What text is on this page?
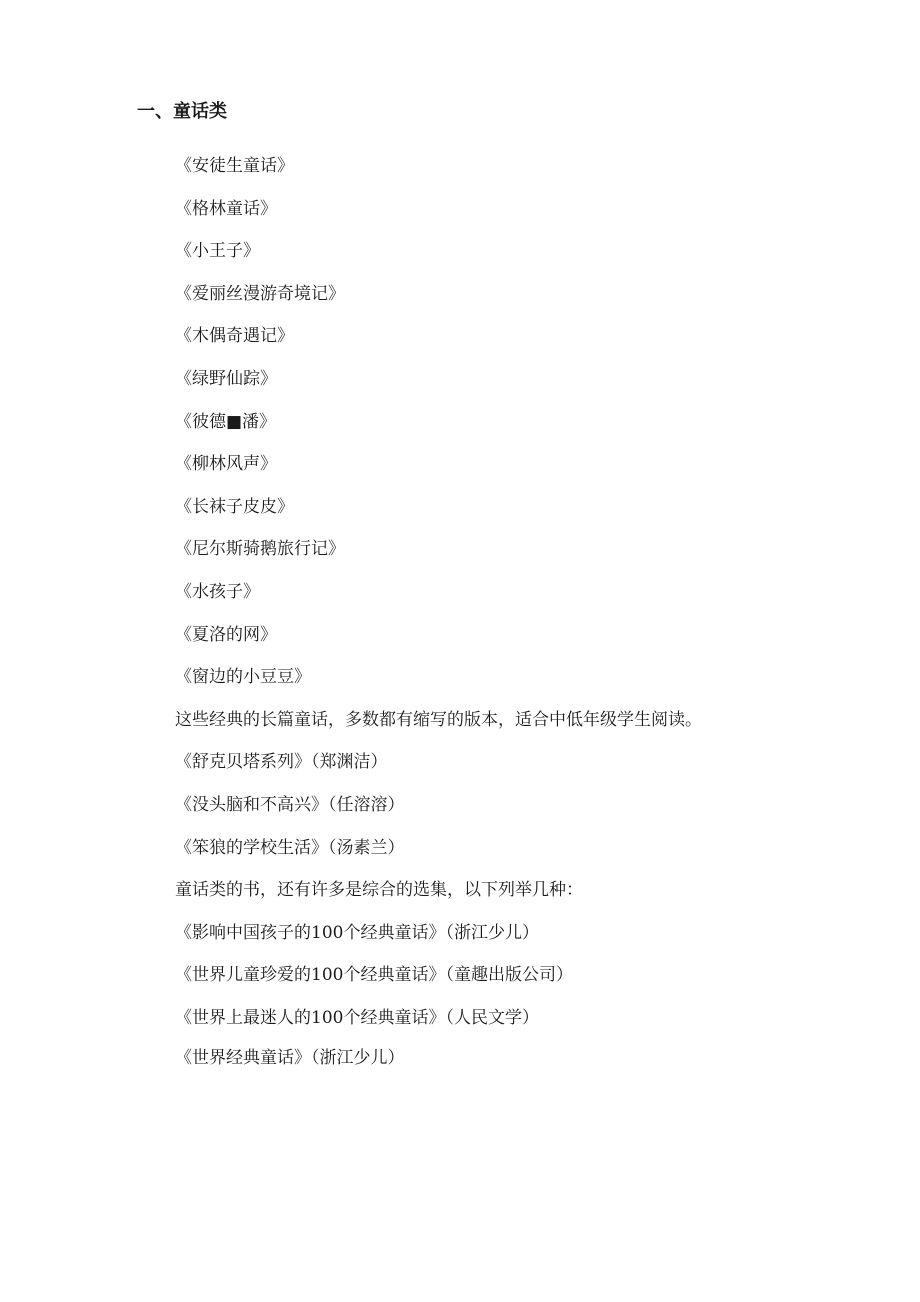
一、童话类
《安徒生童话》
《格林童话》
《小王子》
《爱丽丝漫游奇境记》
《木偶奇遇记》
《绿野仙踪》
《彼德■潘》
《柳林风声》
《长袜子皮皮》
《尼尔斯骑鹅旅行记》
《水孩子》
《夏洛的网》
《窗边的小豆豆》
这些经典的长篇童话，多数都有缩写的版本，适合中低年级学生阅读。
《舒克贝塔系列》（郑渊洁）
《没头脑和不高兴》（任溶溶）
《笨狼的学校生活》（汤素兰）
童话类的书，还有许多是综合的选集，以下列举几种：
《影响中国孩子的100个经典童话》（浙江少儿）
《世界儿童珍爱的100个经典童话》（童趣出版公司）
《世界上最迷人的100个经典童话》（人民文学）
《世界经典童话》（浙江少儿）
